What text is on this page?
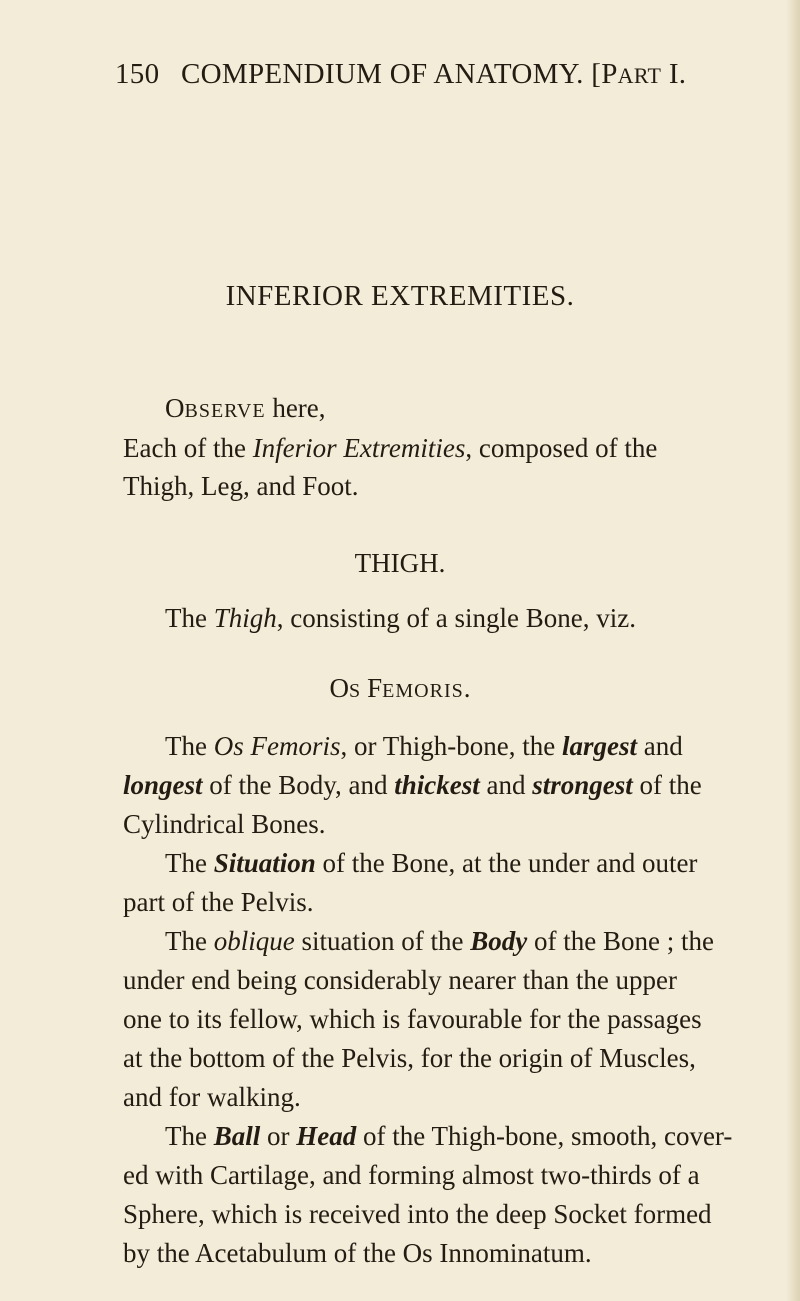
150 COMPENDIUM OF ANATOMY. [PART I.
INFERIOR EXTREMITIES.
OBSERVE here,
Each of the Inferior Extremities, composed of the
Thigh, Leg, and Foot.
THIGH.
The Thigh, consisting of a single Bone, viz.
OS FEMORIS.
The Os Femoris, or Thigh-bone, the largest and
longest of the Body, and thickest and strongest of the
Cylindrical Bones.
The Situation of the Bone, at the under and outer
part of the Pelvis.
The oblique situation of the Body of the Bone ; the
under end being considerably nearer than the upper
one to its fellow, which is favourable for the passages
at the bottom of the Pelvis, for the origin of Muscles,
and for walking.
The Ball or Head of the Thigh-bone, smooth, cover-
ed with Cartilage, and forming almost two-thirds of a
Sphere, which is received into the deep Socket formed
by the Acetabulum of the Os Innominatum.
